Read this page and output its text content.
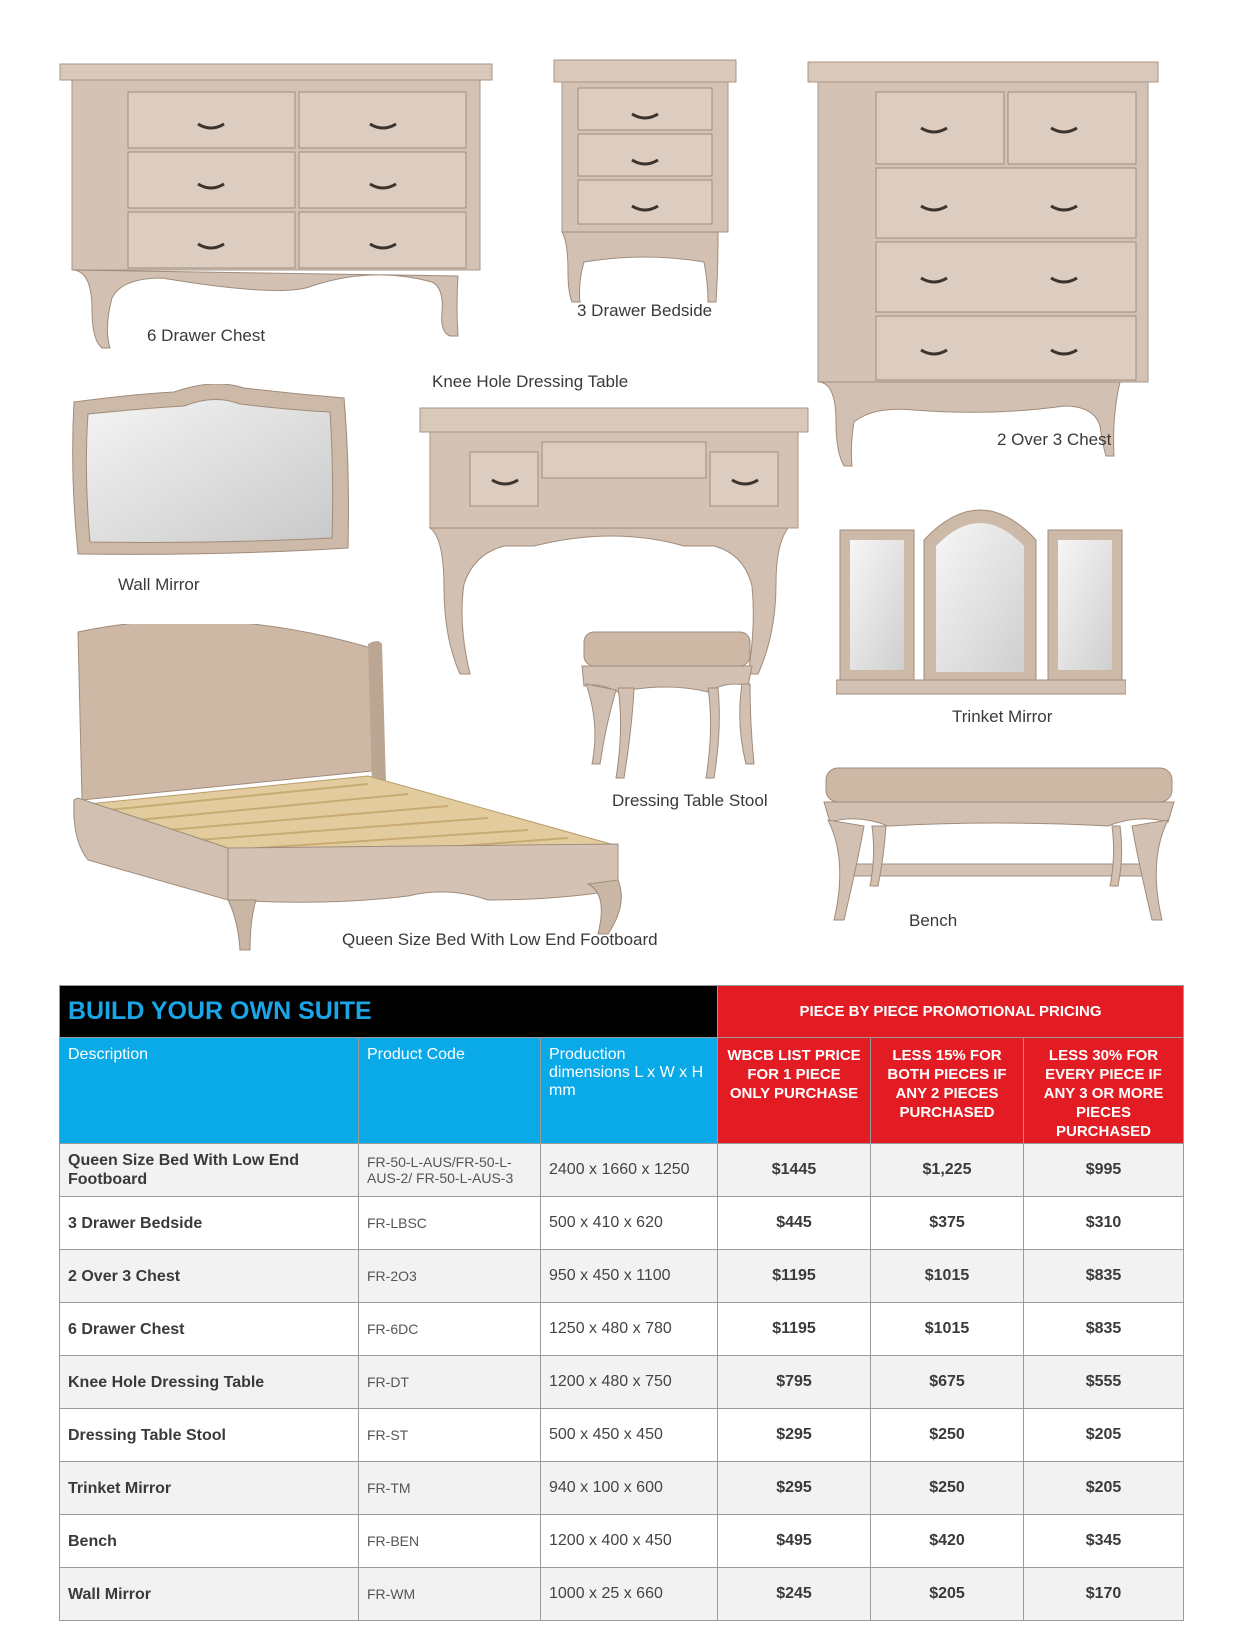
6 Drawer Chest
3 Drawer Bedside
2 Over 3 Chest
Knee Hole Dressing Table
Wall Mirror
Trinket Mirror
Queen Size Bed With Low End Footboard
Dressing Table Stool
Bench
BUILD YOUR OWN SUITE			PIECE BY PIECE PROMOTIONAL PRICING		
Description	Product Code	Production dimensions L x W x H mm	WBCB LIST PRICE FOR 1 PIECE ONLY PURCHASE	LESS 15% FOR BOTH PIECES IF ANY 2 PIECES PURCHASED	LESS 30% FOR EVERY PIECE IF ANY 3 OR MORE PIECES PURCHASED
Queen Size Bed With Low End Footboard	FR-50-L-AUS/FR-50-L-AUS-2/ FR-50-L-AUS-3	2400 x 1660 x 1250	$1445	$1,225	$995
3 Drawer Bedside	FR-LBSC	500 x 410 x 620	$445	$375	$310
2 Over 3 Chest	FR-2O3	950 x 450 x 1100	$1195	$1015	$835
6 Drawer Chest	FR-6DC	1250 x 480 x 780	$1195	$1015	$835
Knee Hole Dressing Table	FR-DT	1200 x 480 x 750	$795	$675	$555
Dressing Table Stool	FR-ST	500 x 450 x 450	$295	$250	$205
Trinket Mirror	FR-TM	940 x 100 x 600	$295	$250	$205
Bench	FR-BEN	1200 x 400 x 450	$495	$420	$345
Wall Mirror	FR-WM	1000 x 25 x 660	$245	$205	$170
